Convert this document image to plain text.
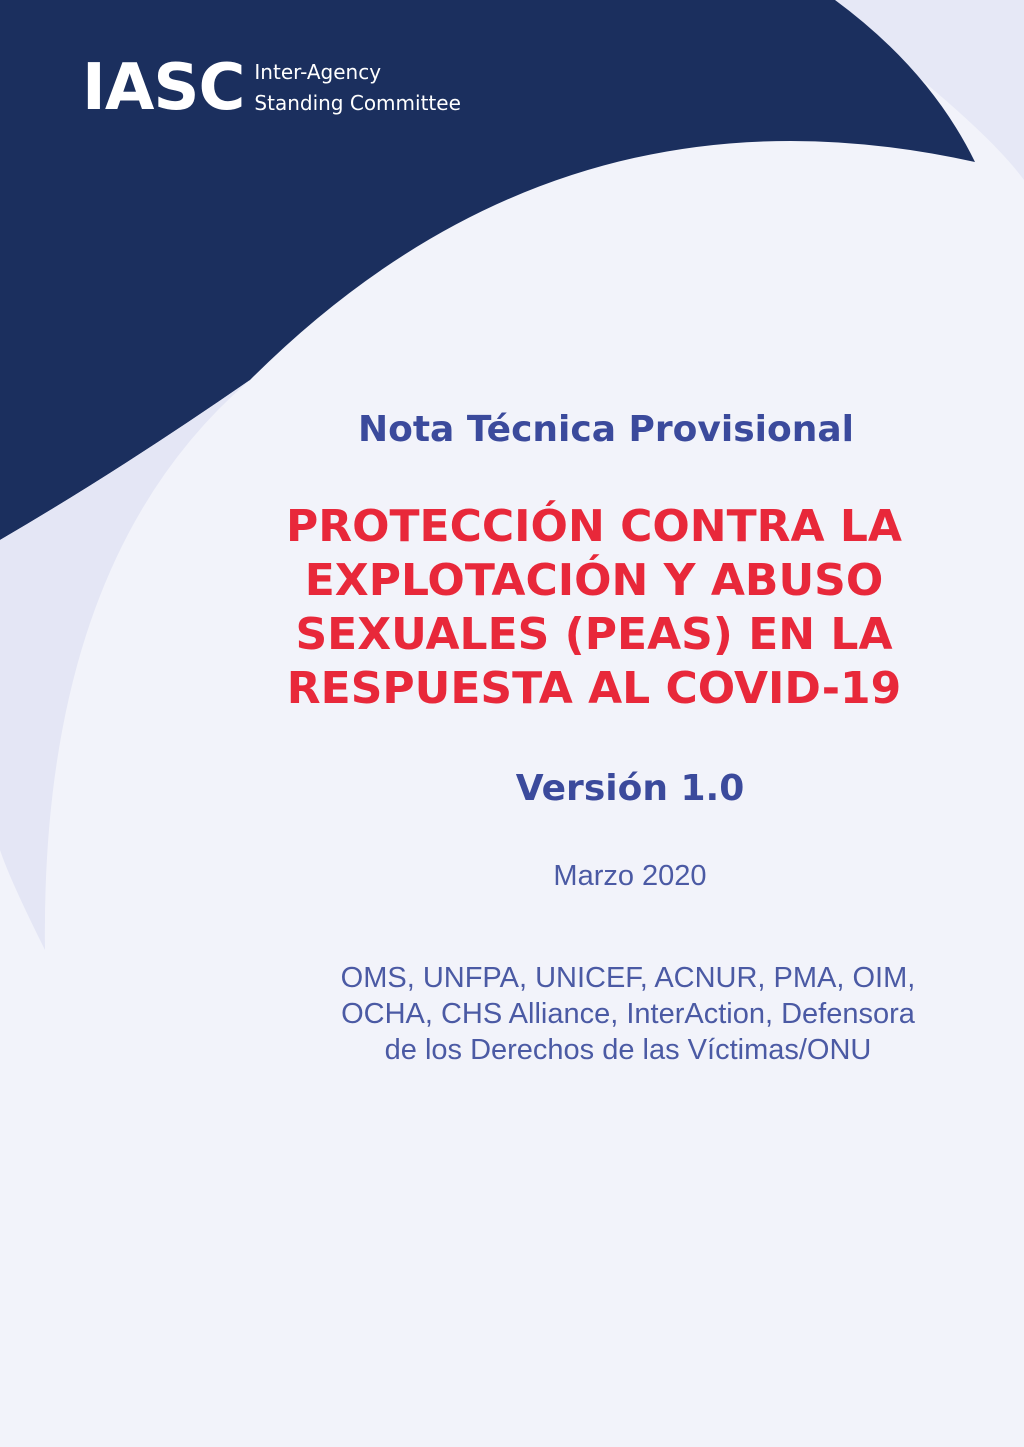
IASC Inter-Agency
Standing Committee
Nota Técnica Provisional
PROTECCIÓN CONTRA LA
EXPLOTACIÓN Y ABUSO
SEXUALES (PEAS) EN LA
RESPUESTA AL COVID-19
Versión 1.0
Marzo 2020
OMS, UNFPA, UNICEF, ACNUR, PMA, OIM,
OCHA, CHS Alliance, InterAction, Defensora
de los Derechos de las Víctimas/ONU
